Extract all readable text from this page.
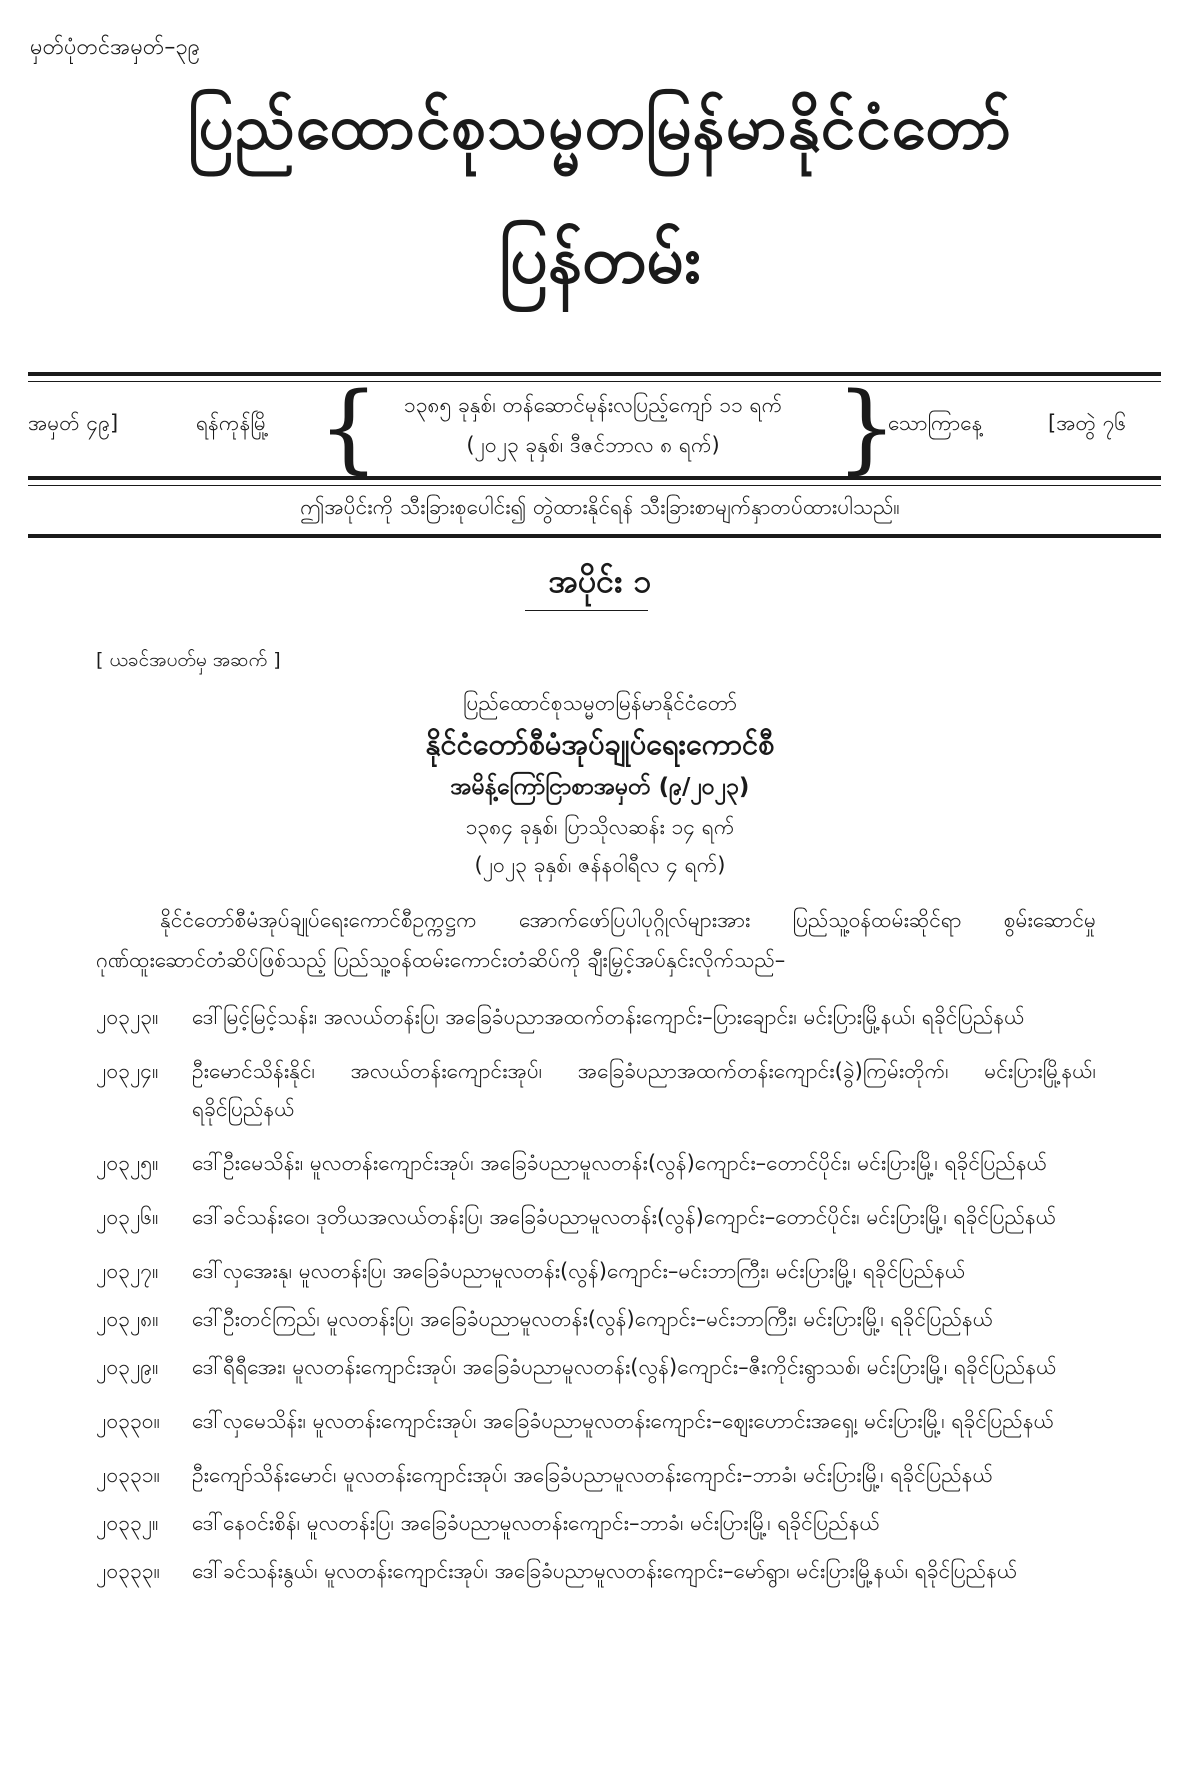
မှတ်ပုံတင်အမှတ်–၃၉
ပြည်ထောင်စုသမ္မတမြန်မာနိုင်ငံတော်
ပြန်တမ်း
အမှတ် ၄၉]	ရန်ကုန်မြို့ {	၁၃၈၅ ခုနှစ်၊ တန်ဆောင်မုန်းလပြည့်ကျော် ၁၁ ရက်
(၂၀၂၃ ခုနှစ်၊ ဒီဇင်ဘာလ ၈ ရက်)	}
သောကြာနေ့	[အတွဲ ၇၆
ဤအပိုင်းကို သီးခြားစုပေါင်း၍ တွဲထားနိုင်ရန် သီးခြားစာမျက်နှာတပ်ထားပါသည်။
အပိုင်း ၁
[ ယခင်အပတ်မှ အဆက် ]
ပြည်ထောင်စုသမ္မတမြန်မာနိုင်ငံတော်
နိုင်ငံတော်စီမံအုပ်ချုပ်ရေးကောင်စီ
အမိန့်ကြော်ငြာစာအမှတ် (၉/၂၀၂၃)
၁၃၈၄ ခုနှစ်၊ ပြာသိုလဆန်း ၁၄ ရက်
(၂၀၂၃ ခုနှစ်၊ ဇန်နဝါရီလ ၄ ရက်)
နိုင်ငံတော်စီမံအုပ်ချုပ်ရေးကောင်စီဥက္ကဋ္ဌက အောက်ဖော်ပြပါပုဂ္ဂိုလ်များအား ပြည်သူ့ဝန်ထမ်းဆိုင်ရာ စွမ်းဆောင်မှု ဂုဏ်ထူးဆောင်တံဆိပ်ဖြစ်သည့် ပြည်သူ့ဝန်ထမ်းကောင်းတံဆိပ်ကို ချီးမြှင့်အပ်နှင်းလိုက်သည်–
၂၀၃၂၃။	ဒေါ်မြင့်မြင့်သန်း၊ အလယ်တန်းပြ၊ အခြေခံပညာအထက်တန်းကျောင်း–ပြားချောင်း၊ မင်းပြားမြို့နယ်၊ ရခိုင်ပြည်နယ်
၂၀၃၂၄။	ဦးမောင်သိန်းနိုင်၊ အလယ်တန်းကျောင်းအုပ်၊ အခြေခံပညာအထက်တန်းကျောင်း(ခွဲ)ကြမ်းတိုက်၊ မင်းပြားမြို့နယ်၊ ရခိုင်ပြည်နယ်
၂၀၃၂၅။	ဒေါ်ဦးမေသိန်း၊ မူလတန်းကျောင်းအုပ်၊ အခြေခံပညာမူလတန်း(လွန်)ကျောင်း–တောင်ပိုင်း၊ မင်းပြားမြို့၊ ရခိုင်ပြည်နယ်
၂၀၃၂၆။	ဒေါ်ခင်သန်းဝေ၊ ဒုတိယအလယ်တန်းပြ၊ အခြေခံပညာမူလတန်း(လွန်)ကျောင်း–တောင်ပိုင်း၊ မင်းပြားမြို့၊ ရခိုင်ပြည်နယ်
၂၀၃၂၇။	ဒေါ်လှအေးနု၊ မူလတန်းပြ၊ အခြေခံပညာမူလတန်း(လွန်)ကျောင်း–မင်းဘာကြီး၊ မင်းပြားမြို့၊ ရခိုင်ပြည်နယ်
၂၀၃၂၈။	ဒေါ်ဦးတင်ကြည်၊ မူလတန်းပြ၊ အခြေခံပညာမူလတန်း(လွန်)ကျောင်း–မင်းဘာကြီး၊ မင်းပြားမြို့၊ ရခိုင်ပြည်နယ်
၂၀၃၂၉။	ဒေါ်ရီရီအေး၊ မူလတန်းကျောင်းအုပ်၊ အခြေခံပညာမူလတန်း(လွန်)ကျောင်း–ဇီးကိုင်းရွာသစ်၊ မင်းပြားမြို့၊ ရခိုင်ပြည်နယ်
၂၀၃၃၀။	ဒေါ်လှမေသိန်း၊ မူလတန်းကျောင်းအုပ်၊ အခြေခံပညာမူလတန်းကျောင်း–ဈေးဟောင်းအရှေ့၊ မင်းပြားမြို့၊ ရခိုင်ပြည်နယ်
၂၀၃၃၁။	ဦးကျော်သိန်းမောင်၊ မူလတန်းကျောင်းအုပ်၊ အခြေခံပညာမူလတန်းကျောင်း–ဘာခံ၊ မင်းပြားမြို့၊ ရခိုင်ပြည်နယ်
၂၀၃၃၂။	ဒေါ်နေဝင်းစိန်၊ မူလတန်းပြ၊ အခြေခံပညာမူလတန်းကျောင်း–ဘာခံ၊ မင်းပြားမြို့၊ ရခိုင်ပြည်နယ်
၂၀၃၃၃။	ဒေါ်ခင်သန်းနွယ်၊ မူလတန်းကျောင်းအုပ်၊ အခြေခံပညာမူလတန်းကျောင်း–မော်ရွာ၊ မင်းပြားမြို့နယ်၊ ရခိုင်ပြည်နယ်
